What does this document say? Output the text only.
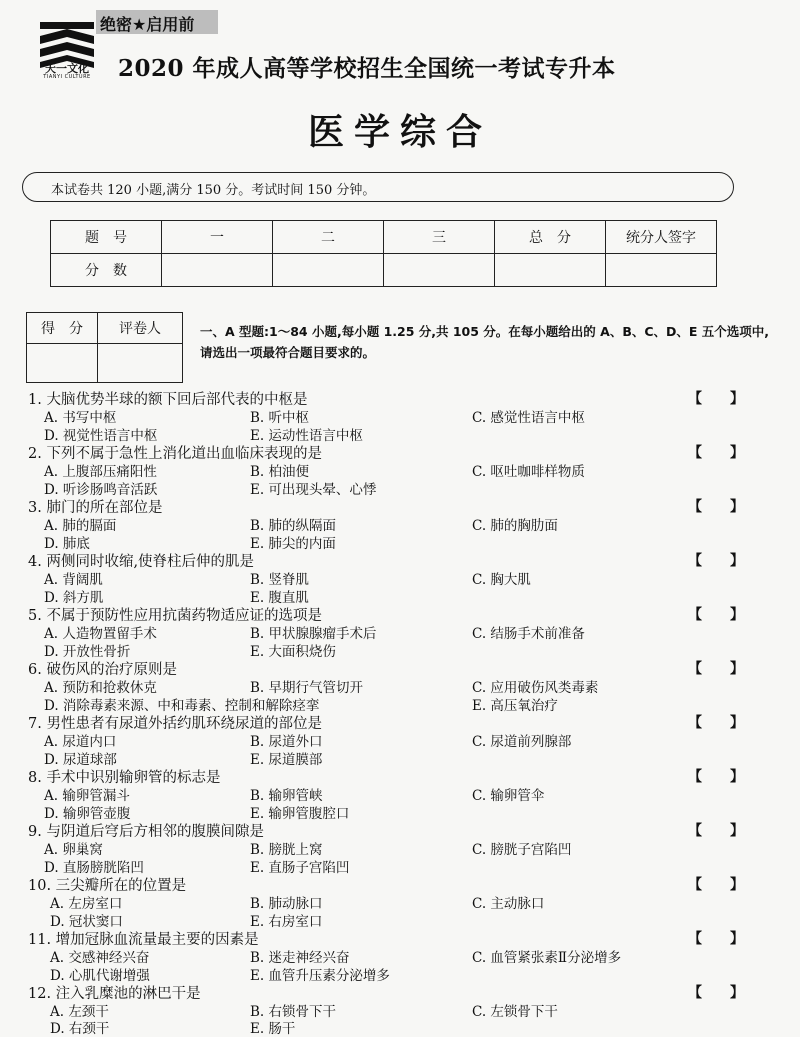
天一文化
TIANYI CULTURE
绝密★启用前
2020 年成人高等学校招生全国统一考试专升本
医学综合
本试卷共 120 小题,满分 150 分。考试时间 150 分钟。
题　号	一	二	三	总　分	统分人签字
分　数					
得　分	评卷人
		一、A 型题:1～84 小题,每小题 1.25 分,共 105 分。在每小题给出的 A、B、C、D、E 五个选项中,请选出一项最符合题目要求的。
1. 大脑优势半球的额下回后部代表的中枢是	【　　】
A. 书写中枢	B. 听中枢	C. 感觉性语言中枢
D. 视觉性语言中枢	E. 运动性语言中枢
2. 下列不属于急性上消化道出血临床表现的是	【　　】
A. 上腹部压痛阳性	B. 柏油便	C. 呕吐咖啡样物质
D. 听诊肠鸣音活跃	E. 可出现头晕、心悸
3. 肺门的所在部位是	【　　】
A. 肺的膈面	B. 肺的纵隔面	C. 肺的胸肋面
D. 肺底	E. 肺尖的内面
4. 两侧同时收缩,使脊柱后伸的肌是	【　　】
A. 背阔肌	B. 竖脊肌	C. 胸大肌
D. 斜方肌	E. 腹直肌
5. 不属于预防性应用抗菌药物适应证的选项是	【　　】
A. 人造物置留手术	B. 甲状腺腺瘤手术后	C. 结肠手术前准备
D. 开放性骨折	E. 大面积烧伤
6. 破伤风的治疗原则是	【　　】
A. 预防和抢救休克	B. 早期行气管切开	C. 应用破伤风类毒素
D. 消除毒素来源、中和毒素、控制和解除痉挛	E. 高压氧治疗
7. 男性患者有尿道外括约肌环绕尿道的部位是	【　　】
A. 尿道内口	B. 尿道外口	C. 尿道前列腺部
D. 尿道球部	E. 尿道膜部
8. 手术中识别输卵管的标志是	【　　】
A. 输卵管漏斗	B. 输卵管峡	C. 输卵管伞
D. 输卵管壶腹	E. 输卵管腹腔口
9. 与阴道后穹后方相邻的腹膜间隙是	【　　】
A. 卵巢窝	B. 膀胱上窝	C. 膀胱子宫陷凹
D. 直肠膀胱陷凹	E. 直肠子宫陷凹
10. 三尖瓣所在的位置是	【　　】
A. 左房室口	B. 肺动脉口	C. 主动脉口
D. 冠状窦口	E. 右房室口
11. 增加冠脉血流量最主要的因素是	【　　】
A. 交感神经兴奋	B. 迷走神经兴奋	C. 血管紧张素Ⅱ分泌增多
D. 心肌代谢增强	E. 血管升压素分泌增多
12. 注入乳糜池的淋巴干是	【　　】
A. 左颈干	B. 右锁骨下干	C. 左锁骨下干
D. 右颈干	E. 肠干
